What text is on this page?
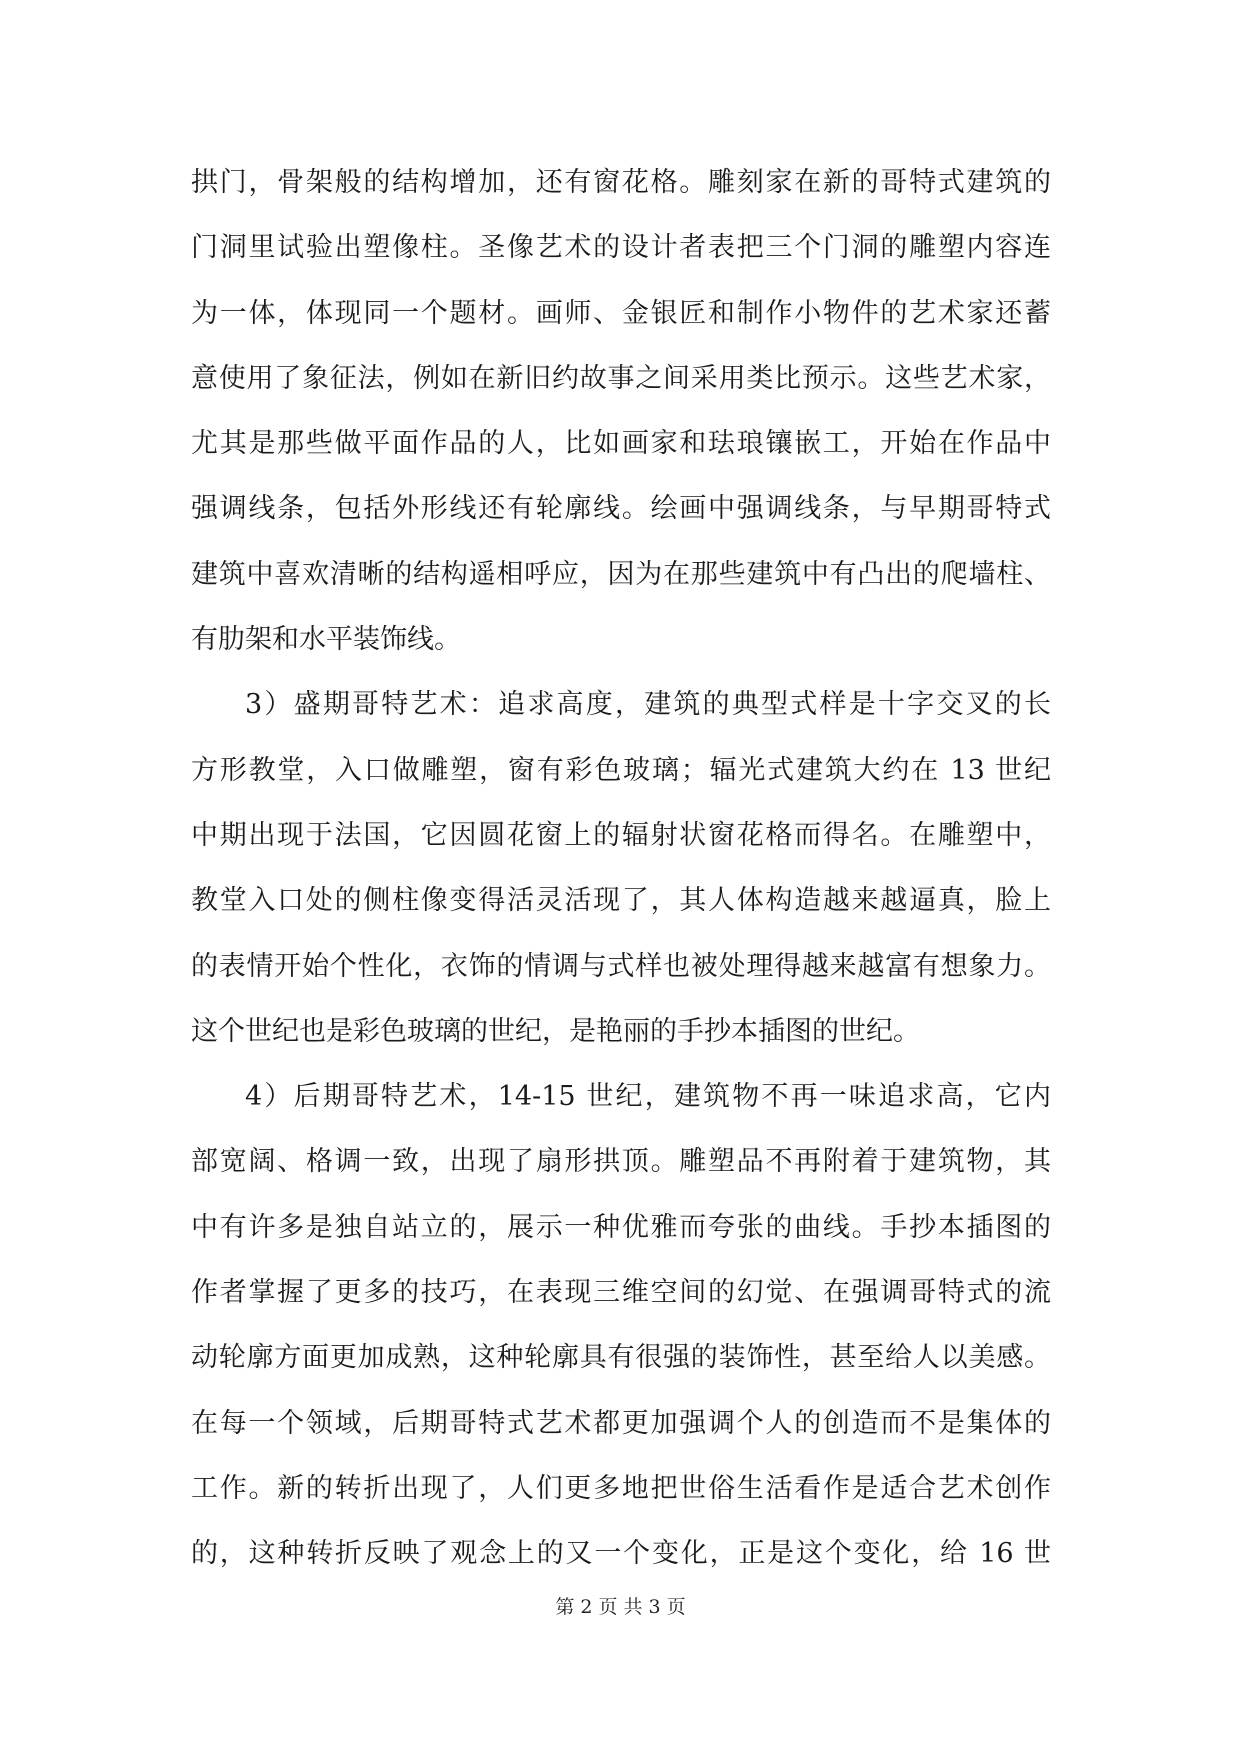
拱门，骨架般的结构增加，还有窗花格。雕刻家在新的哥特式建筑的
门洞里试验出塑像柱。圣像艺术的设计者表把三个门洞的雕塑内容连
为一体，体现同一个题材。画师、金银匠和制作小物件的艺术家还蓄
意使用了象征法，例如在新旧约故事之间采用类比预示。这些艺术家，
尤其是那些做平面作品的人，比如画家和珐琅镶嵌工，开始在作品中
强调线条，包括外形线还有轮廓线。绘画中强调线条，与早期哥特式
建筑中喜欢清晰的结构遥相呼应，因为在那些建筑中有凸出的爬墙柱、
有肋架和水平装饰线。
3）盛期哥特艺术：追求高度，建筑的典型式样是十字交叉的长
方形教堂，入口做雕塑，窗有彩色玻璃；辐光式建筑大约在 13 世纪
中期出现于法国，它因圆花窗上的辐射状窗花格而得名。在雕塑中，
教堂入口处的侧柱像变得活灵活现了，其人体构造越来越逼真，脸上
的表情开始个性化，衣饰的情调与式样也被处理得越来越富有想象力。
这个世纪也是彩色玻璃的世纪，是艳丽的手抄本插图的世纪。
4）后期哥特艺术，14-15 世纪，建筑物不再一味追求高，它内
部宽阔、格调一致，出现了扇形拱顶。雕塑品不再附着于建筑物，其
中有许多是独自站立的，展示一种优雅而夸张的曲线。手抄本插图的
作者掌握了更多的技巧，在表现三维空间的幻觉、在强调哥特式的流
动轮廓方面更加成熟，这种轮廓具有很强的装饰性，甚至给人以美感。
在每一个领域，后期哥特式艺术都更加强调个人的创造而不是集体的
工作。新的转折出现了，人们更多地把世俗生活看作是适合艺术创作
的，这种转折反映了观念上的又一个变化，正是这个变化，给 16 世
第 2 页 共 3 页
